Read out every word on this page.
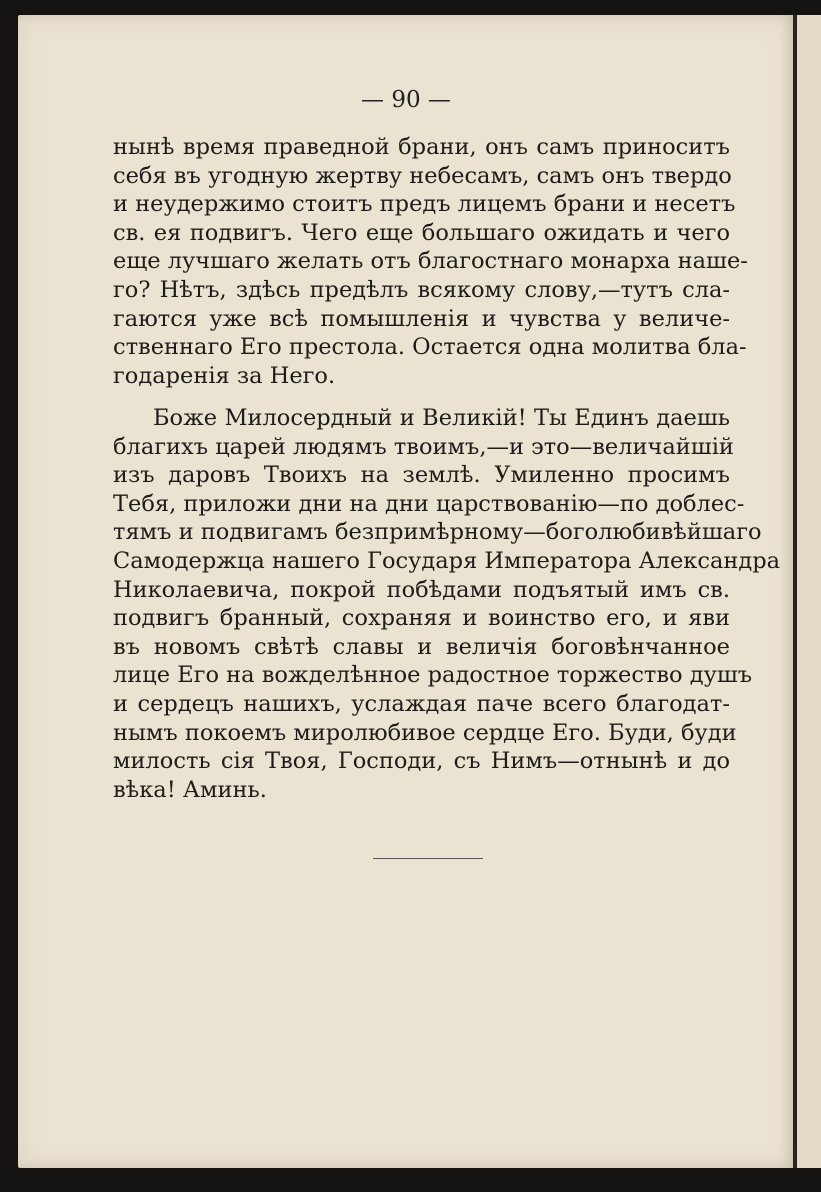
— 90 —

нынѣ время праведной брани, онъ самъ приноситъ
себя въ угодную жертву небесамъ, самъ онъ твердо
и неудержимо стоитъ предъ лицемъ брани и несетъ
св. ея подвигъ. Чего еще большаго ожидать и чего
еще лучшаго желать отъ благостнаго монарха наше-
го? Нѣтъ, здѣсь предѣлъ всякому слову,—тутъ сла-
гаются уже всѣ помышленія и чувства у величе-
ственнаго Его престола. Остается одна молитва бла-
годаренія за Него.

Боже Милосердный и Великій! Ты Единъ даешь
благихъ царей людямъ твоимъ,—и это—величайшій
изъ даровъ Твоихъ на землѣ. Умиленно просимъ
Тебя, приложи дни на дни царствованію—по доблес-
тямъ и подвигамъ безпримѣрному—боголюбивѣйшаго
Самодержца нашего Государя Императора Александра
Николаевича, покрой побѣдами подъятый имъ св.
подвигъ бранный, сохраняя и воинство его, и яви
въ новомъ свѣтѣ славы и величія боговѣнчанное
лице Его на вожделѣнное радостное торжество душъ
и сердецъ нашихъ, услаждая паче всего благодат-
нымъ покоемъ миролюбивое сердце Его. Буди, буди
милость сія Твоя, Господи, съ Нимъ—отнынѣ и до
вѣка! Аминь.
